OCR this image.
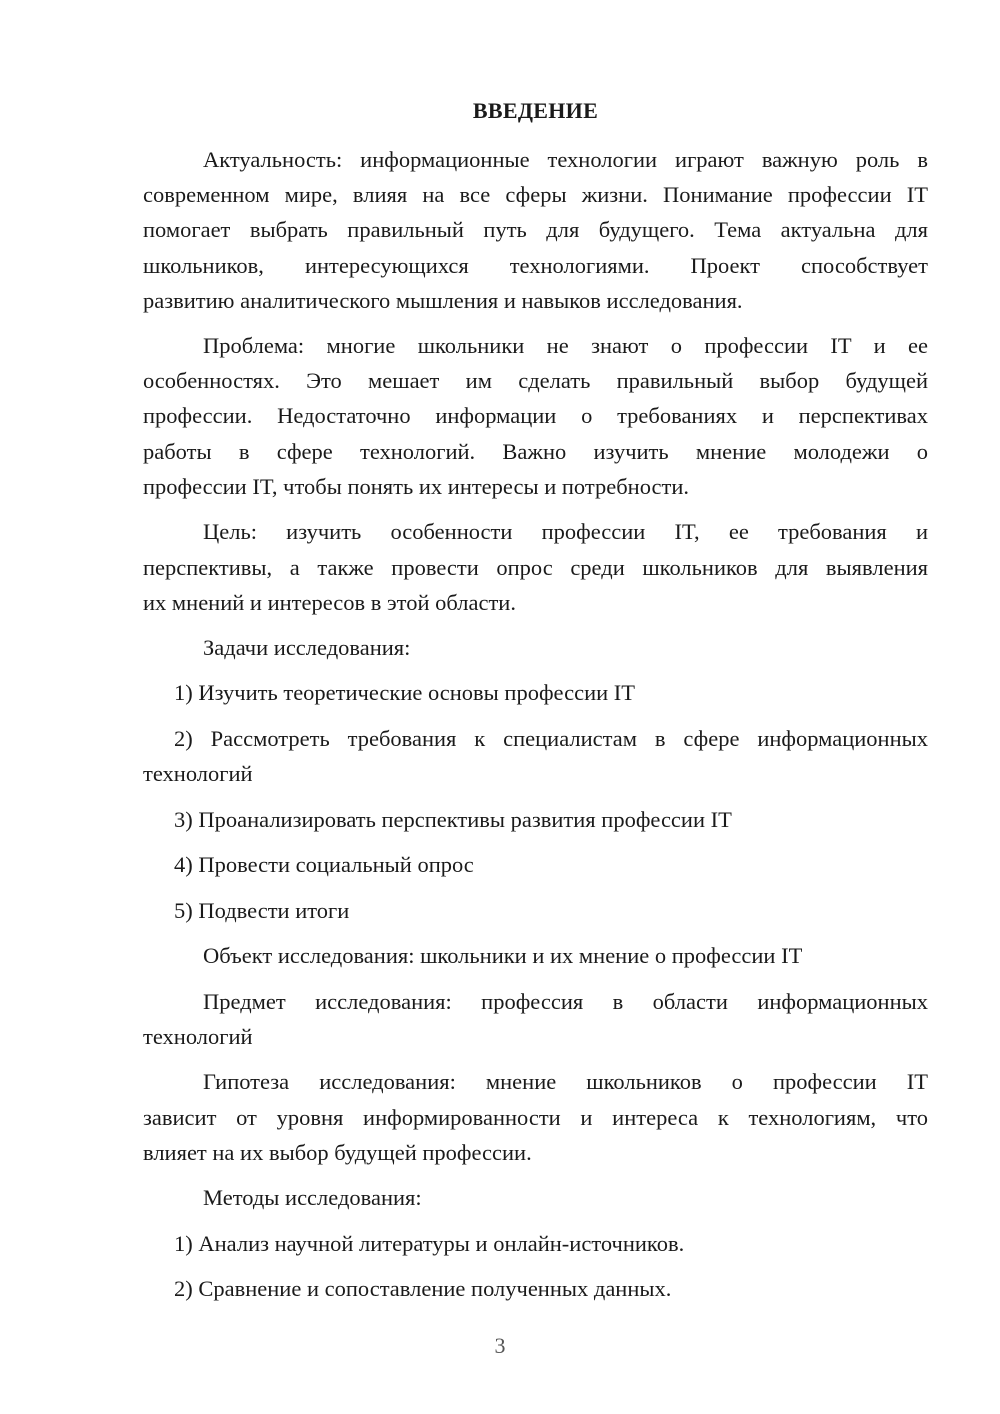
ВВЕДЕНИЕ
Актуальность: информационные технологии играют важную роль в
современном мире, влияя на все сферы жизни. Понимание профессии IT
помогает выбрать правильный путь для будущего. Тема актуальна для
школьников, интересующихся технологиями. Проект способствует
развитию аналитического мышления и навыков исследования.
Проблема: многие школьники не знают о профессии IT и ее
особенностях. Это мешает им сделать правильный выбор будущей
профессии. Недостаточно информации о требованиях и перспективах
работы в сфере технологий. Важно изучить мнение молодежи о
профессии IT, чтобы понять их интересы и потребности.
Цель: изучить особенности профессии IT, ее требования и
перспективы, а также провести опрос среди школьников для выявления
их мнений и интересов в этой области.
Задачи исследования:
1) Изучить теоретические основы профессии IT
2) Рассмотреть требования к специалистам в сфере информационных
технологий
3) Проанализировать перспективы развития профессии IT
4) Провести социальный опрос
5) Подвести итоги
Объект исследования: школьники и их мнение о профессии IT
Предмет исследования: профессия в области информационных
технологий
Гипотеза исследования: мнение школьников о профессии IT
зависит от уровня информированности и интереса к технологиям, что
влияет на их выбор будущей профессии.
Методы исследования:
1) Анализ научной литературы и онлайн-источников.
2) Сравнение и сопоставление полученных данных.
3
